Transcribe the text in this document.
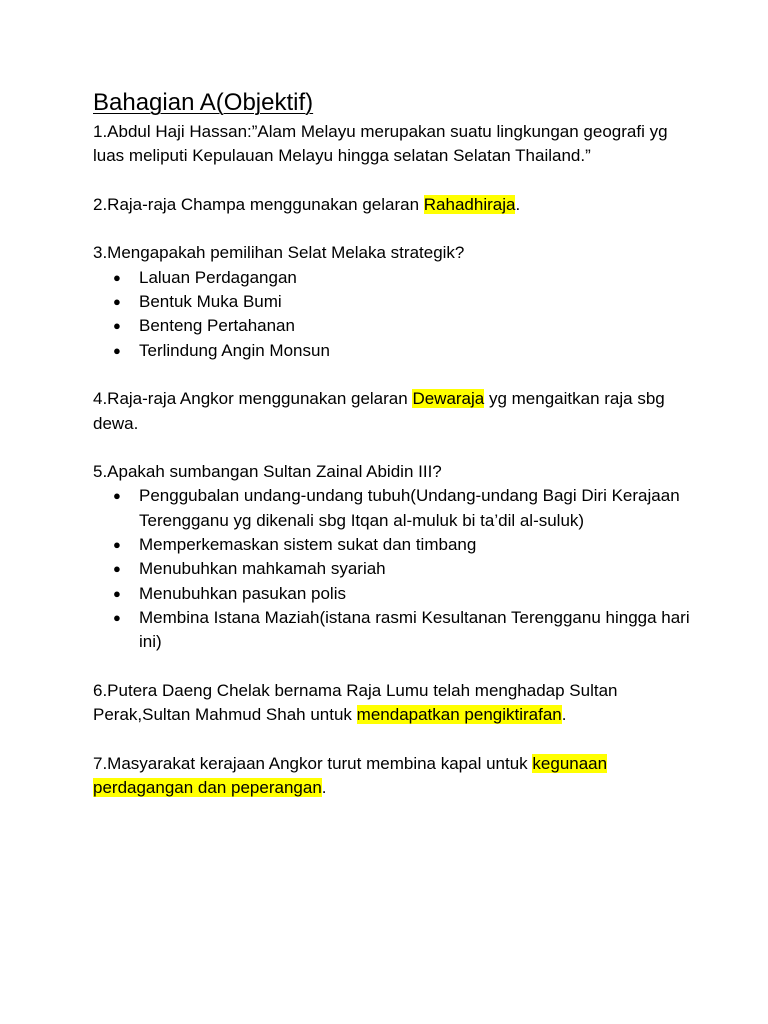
Bahagian A(Objektif)

1.Abdul Haji Hassan:”Alam Melayu merupakan suatu lingkungan geografi yg luas meliputi Kepulauan Melayu hingga selatan Selatan Thailand.”

2.Raja-raja Champa menggunakan gelaran Rahadhiraja.

3.Mengapakah pemilihan Selat Melaka strategik?

● Laluan Perdagangan
● Bentuk Muka Bumi
● Benteng Pertahanan
● Terlindung Angin Monsun

4.Raja-raja Angkor menggunakan gelaran Dewaraja yg mengaitkan raja sbg dewa.

5.Apakah sumbangan Sultan Zainal Abidin III?

● Penggubalan undang-undang tubuh(Undang-undang Bagi Diri Kerajaan Terengganu yg dikenali sbg Itqan al-muluk bi ta’dil al-suluk)
● Memperkemaskan sistem sukat dan timbang
● Menubuhkan mahkamah syariah
● Menubuhkan pasukan polis
● Membina Istana Maziah(istana rasmi Kesultanan Terengganu hingga hari ini)

6.Putera Daeng Chelak bernama Raja Lumu telah menghadap Sultan Perak,Sultan Mahmud Shah untuk mendapatkan pengiktirafan.

7.Masyarakat kerajaan Angkor turut membina kapal untuk kegunaan perdagangan dan peperangan.
